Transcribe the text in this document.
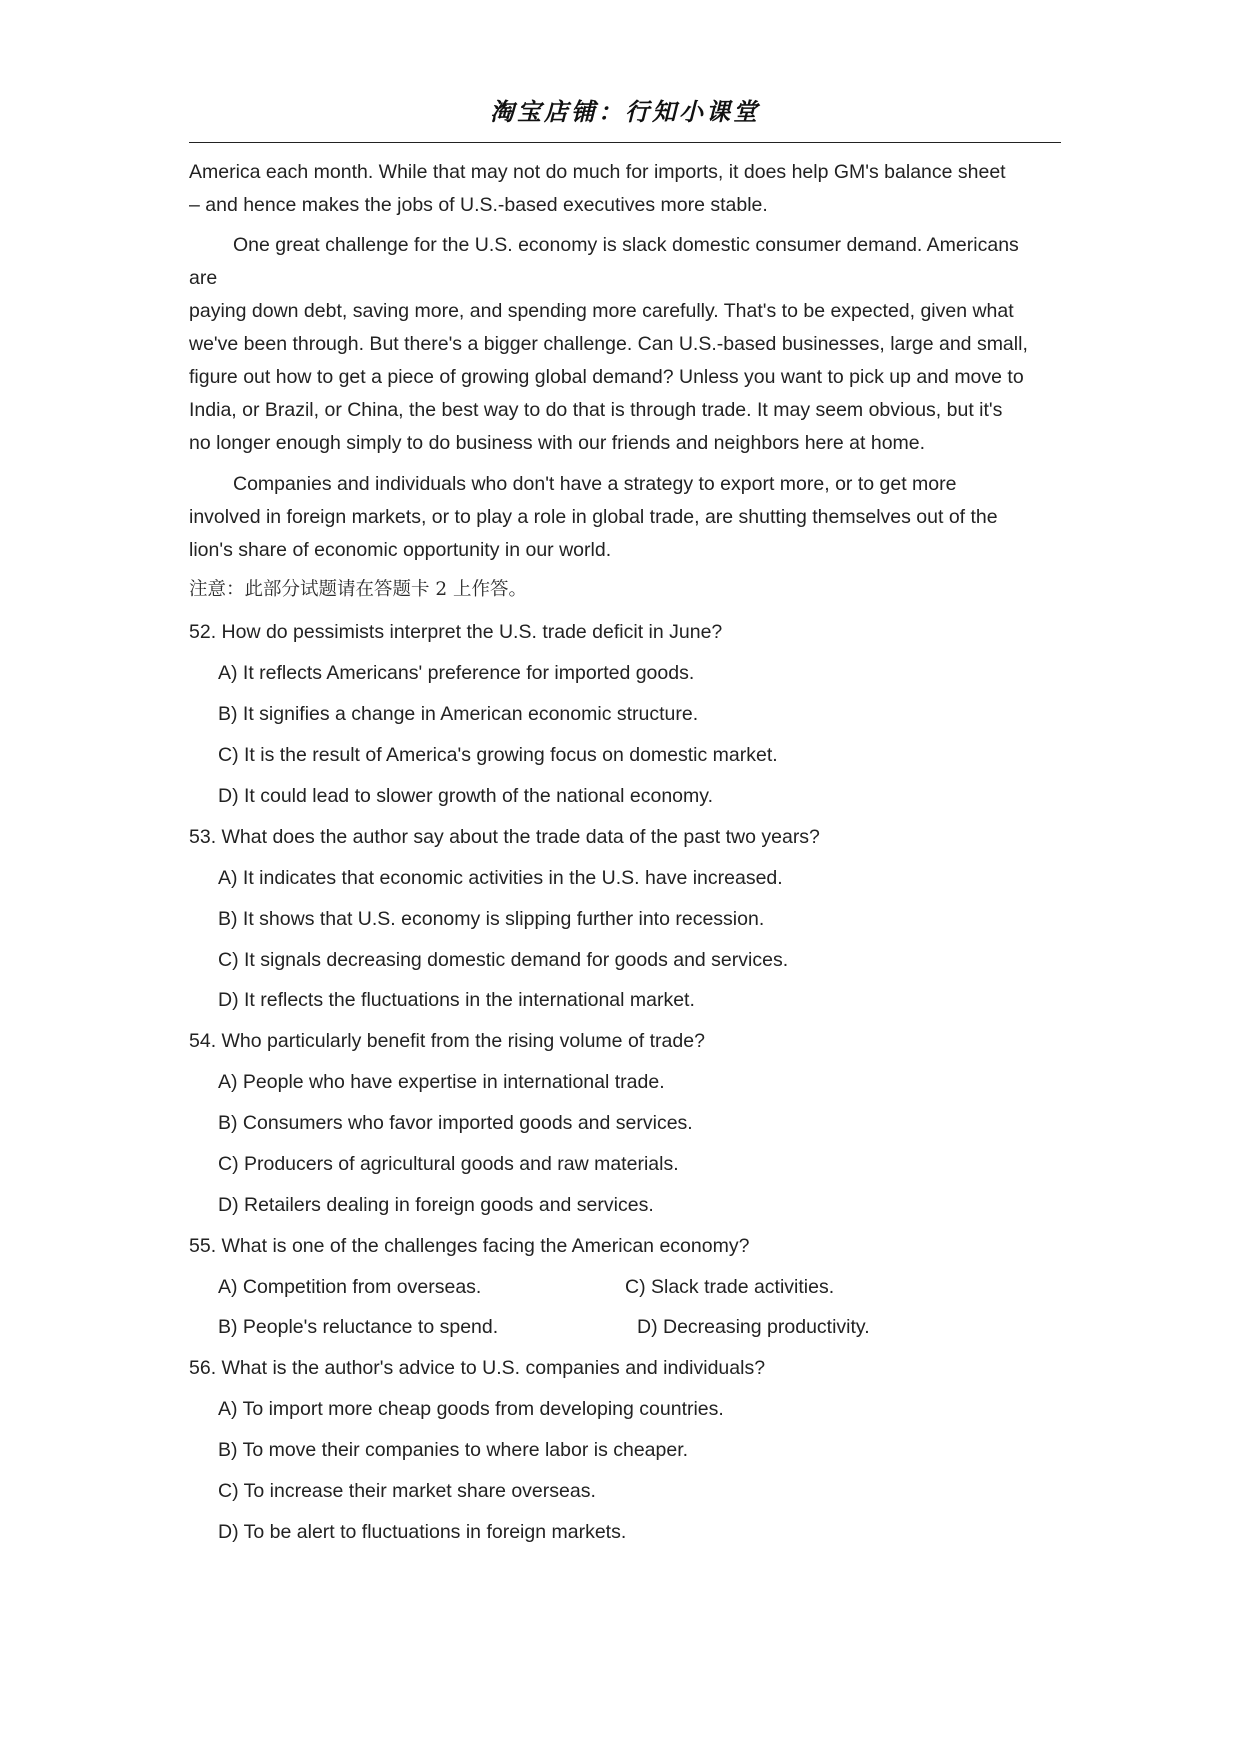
淘宝店铺：行知小课堂
America each month. While that may not do much for imports, it does help GM's balance sheet
– and hence makes the jobs of U.S.-based executives more stable.
One great challenge for the U.S. economy is slack domestic consumer demand. Americans
are
paying down debt, saving more, and spending more carefully. That's to be expected, given what
we've been through. But there's a bigger challenge. Can U.S.-based businesses, large and small,
figure out how to get a piece of growing global demand? Unless you want to pick up and move to
India, or Brazil, or China, the best way to do that is through trade. It may seem obvious, but it's
no longer enough simply to do business with our friends and neighbors here at home.
Companies and individuals who don't have a strategy to export more, or to get more
involved in foreign markets, or to play a role in global trade, are shutting themselves out of the
lion's share of economic opportunity in our world.
注意：此部分试题请在答题卡 2 上作答。
52. How do pessimists interpret the U.S. trade deficit in June?
A) It reflects Americans' preference for imported goods.
B) It signifies a change in American economic structure.
C) It is the result of America's growing focus on domestic market.
D) It could lead to slower growth of the national economy.
53. What does the author say about the trade data of the past two years?
A) It indicates that economic activities in the U.S. have increased.
B) It shows that U.S. economy is slipping further into recession.
C) It signals decreasing domestic demand for goods and services.
D) It reflects the fluctuations in the international market.
54. Who particularly benefit from the rising volume of trade?
A) People who have expertise in international trade.
B) Consumers who favor imported goods and services.
C) Producers of agricultural goods and raw materials.
D) Retailers dealing in foreign goods and services.
55. What is one of the challenges facing the American economy?
A) Competition from overseas.	C) Slack trade activities.
B) People's reluctance to spend.	D) Decreasing productivity.
56. What is the author's advice to U.S. companies and individuals?
A) To import more cheap goods from developing countries.
B) To move their companies to where labor is cheaper.
C) To increase their market share overseas.
D) To be alert to fluctuations in foreign markets.
